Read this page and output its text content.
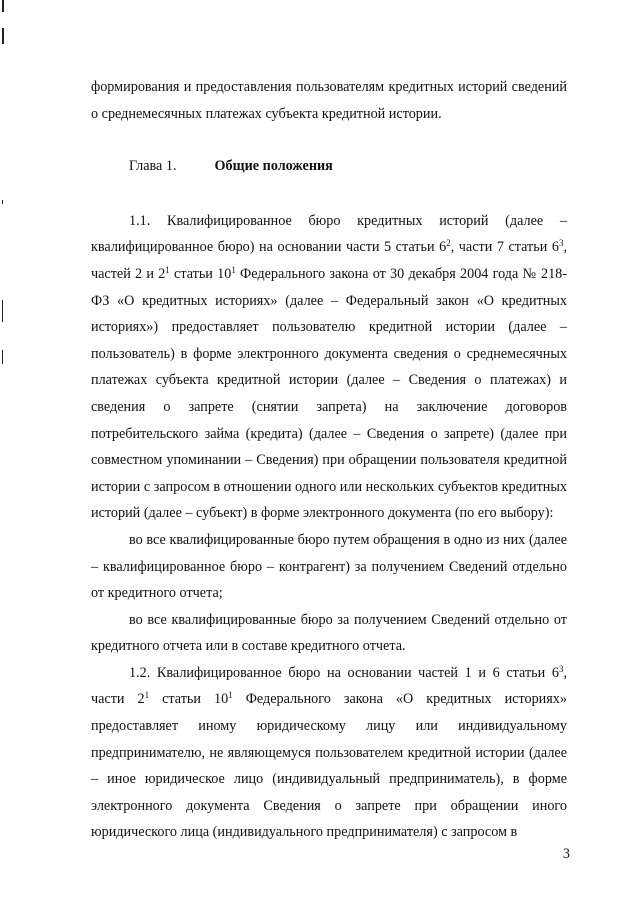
формирования и предоставления пользователям кредитных историй сведений о среднемесячных платежах субъекта кредитной истории.

Глава 1.	Общие положения

1.1. Квалифицированное бюро кредитных историй (далее – квалифицированное бюро) на основании части 5 статьи $6^2$, части 7 статьи $6^3$, частей 2 и $2^1$ статьи $10^1$ Федерального закона от 30 декабря 2004 года № 218-ФЗ «О кредитных историях» (далее – Федеральный закон «О кредитных историях») предоставляет пользователю кредитной истории (далее – пользователь) в форме электронного документа сведения о среднемесячных платежах субъекта кредитной истории (далее – Сведения о платежах) и сведения о запрете (снятии запрета) на заключение договоров потребительского займа (кредита) (далее – Сведения о запрете) (далее при совместном упоминании – Сведения) при обращении пользователя кредитной истории с запросом в отношении одного или нескольких субъектов кредитных историй (далее – субъект) в форме электронного документа (по его выбору):

во все квалифицированные бюро путем обращения в одно из них (далее – квалифицированное бюро – контрагент) за получением Сведений отдельно от кредитного отчета;

во все квалифицированные бюро за получением Сведений отдельно от кредитного отчета или в составе кредитного отчета.

1.2. Квалифицированное бюро на основании частей 1 и 6 статьи $6^3$, части $2^1$ статьи $10^1$ Федерального закона «О кредитных историях» предоставляет иному юридическому лицу или индивидуальному предпринимателю, не являющемуся пользователем кредитной истории (далее – иное юридическое лицо (индивидуальный предприниматель), в форме электронного документа Сведения о запрете при обращении иного юридического лица (индивидуального предпринимателя) с запросом в

3
